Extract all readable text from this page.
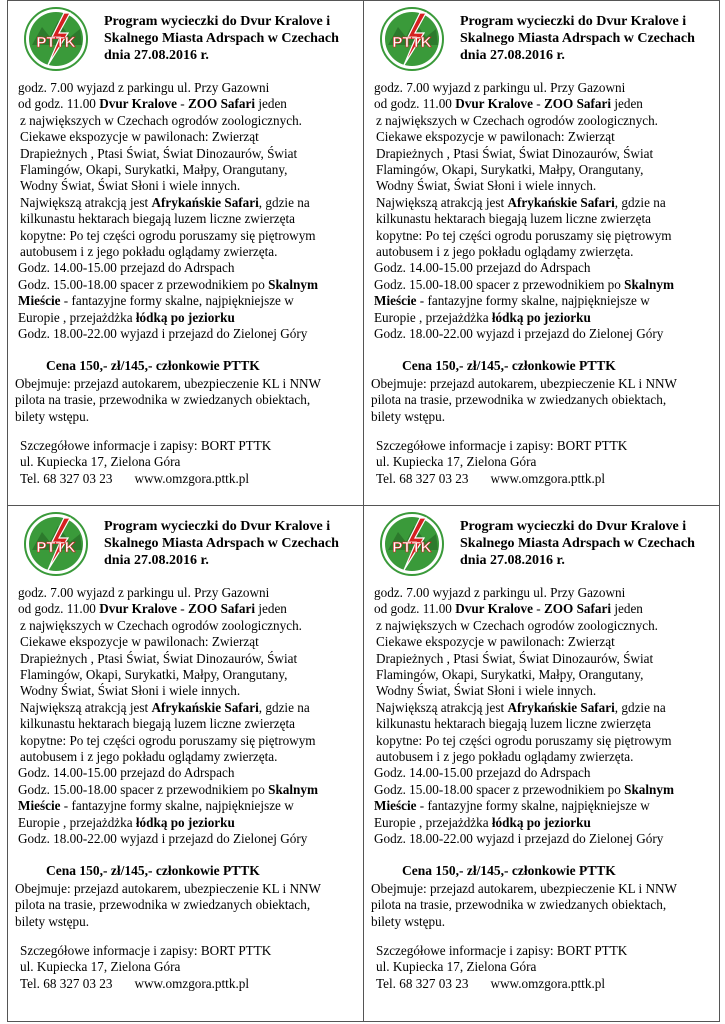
PTTK
Program wycieczki do Dvur Kralove i
Skalnego Miasta Adrspach w Czechach
dnia 27.08.2016 r.
godz. 7.00 wyjazd z parkingu ul. Przy Gazowni
od godz. 11.00 Dvur Kralove - ZOO Safari jeden
z największych w Czechach ogrodów zoologicznych.
Ciekawe ekspozycje w pawilonach: Zwierząt
Drapieżnych , Ptasi Świat, Świat Dinozaurów, Świat
Flamingów, Okapi, Surykatki, Małpy, Orangutany,
Wodny Świat, Świat Słoni i wiele innych.
Największą atrakcją jest Afrykańskie Safari, gdzie na
kilkunastu hektarach biegają luzem liczne zwierzęta
kopytne: Po tej części ogrodu poruszamy się piętrowym
autobusem i z jego pokładu oglądamy zwierzęta.
Godz. 14.00-15.00 przejazd do Adrspach
Godz. 15.00-18.00 spacer z przewodnikiem po Skalnym
Mieście - fantazyjne formy skalne, najpiękniejsze w
Europie , przejażdżka łódką po jeziorku
Godz. 18.00-22.00 wyjazd i przejazd do Zielonej Góry
Cena 150,- zł/145,- członkowie PTTK
Obejmuje: przejazd autokarem, ubezpieczenie KL i NNW
pilota na trasie, przewodnika w zwiedzanych obiektach,
bilety wstępu.
Szczegółowe informacje i zapisy: BORT PTTK
ul. Kupiecka 17, Zielona Góra
Tel. 68 327 03 23 www.omzgora.pttk.pl
PTTK
Program wycieczki do Dvur Kralove i
Skalnego Miasta Adrspach w Czechach
dnia 27.08.2016 r.
godz. 7.00 wyjazd z parkingu ul. Przy Gazowni
od godz. 11.00 Dvur Kralove - ZOO Safari jeden
z największych w Czechach ogrodów zoologicznych.
Ciekawe ekspozycje w pawilonach: Zwierząt
Drapieżnych , Ptasi Świat, Świat Dinozaurów, Świat
Flamingów, Okapi, Surykatki, Małpy, Orangutany,
Wodny Świat, Świat Słoni i wiele innych.
Największą atrakcją jest Afrykańskie Safari, gdzie na
kilkunastu hektarach biegają luzem liczne zwierzęta
kopytne: Po tej części ogrodu poruszamy się piętrowym
autobusem i z jego pokładu oglądamy zwierzęta.
Godz. 14.00-15.00 przejazd do Adrspach
Godz. 15.00-18.00 spacer z przewodnikiem po Skalnym
Mieście - fantazyjne formy skalne, najpiękniejsze w
Europie , przejażdżka łódką po jeziorku
Godz. 18.00-22.00 wyjazd i przejazd do Zielonej Góry
Cena 150,- zł/145,- członkowie PTTK
Obejmuje: przejazd autokarem, ubezpieczenie KL i NNW
pilota na trasie, przewodnika w zwiedzanych obiektach,
bilety wstępu.
Szczegółowe informacje i zapisy: BORT PTTK
ul. Kupiecka 17, Zielona Góra
Tel. 68 327 03 23 www.omzgora.pttk.pl
PTTK
Program wycieczki do Dvur Kralove i
Skalnego Miasta Adrspach w Czechach
dnia 27.08.2016 r.
godz. 7.00 wyjazd z parkingu ul. Przy Gazowni
od godz. 11.00 Dvur Kralove - ZOO Safari jeden
z największych w Czechach ogrodów zoologicznych.
Ciekawe ekspozycje w pawilonach: Zwierząt
Drapieżnych , Ptasi Świat, Świat Dinozaurów, Świat
Flamingów, Okapi, Surykatki, Małpy, Orangutany,
Wodny Świat, Świat Słoni i wiele innych.
Największą atrakcją jest Afrykańskie Safari, gdzie na
kilkunastu hektarach biegają luzem liczne zwierzęta
kopytne: Po tej części ogrodu poruszamy się piętrowym
autobusem i z jego pokładu oglądamy zwierzęta.
Godz. 14.00-15.00 przejazd do Adrspach
Godz. 15.00-18.00 spacer z przewodnikiem po Skalnym
Mieście - fantazyjne formy skalne, najpiękniejsze w
Europie , przejażdżka łódką po jeziorku
Godz. 18.00-22.00 wyjazd i przejazd do Zielonej Góry
Cena 150,- zł/145,- członkowie PTTK
Obejmuje: przejazd autokarem, ubezpieczenie KL i NNW
pilota na trasie, przewodnika w zwiedzanych obiektach,
bilety wstępu.
Szczegółowe informacje i zapisy: BORT PTTK
ul. Kupiecka 17, Zielona Góra
Tel. 68 327 03 23 www.omzgora.pttk.pl
PTTK
Program wycieczki do Dvur Kralove i
Skalnego Miasta Adrspach w Czechach
dnia 27.08.2016 r.
godz. 7.00 wyjazd z parkingu ul. Przy Gazowni
od godz. 11.00 Dvur Kralove - ZOO Safari jeden
z największych w Czechach ogrodów zoologicznych.
Ciekawe ekspozycje w pawilonach: Zwierząt
Drapieżnych , Ptasi Świat, Świat Dinozaurów, Świat
Flamingów, Okapi, Surykatki, Małpy, Orangutany,
Wodny Świat, Świat Słoni i wiele innych.
Największą atrakcją jest Afrykańskie Safari, gdzie na
kilkunastu hektarach biegają luzem liczne zwierzęta
kopytne: Po tej części ogrodu poruszamy się piętrowym
autobusem i z jego pokładu oglądamy zwierzęta.
Godz. 14.00-15.00 przejazd do Adrspach
Godz. 15.00-18.00 spacer z przewodnikiem po Skalnym
Mieście - fantazyjne formy skalne, najpiękniejsze w
Europie , przejażdżka łódką po jeziorku
Godz. 18.00-22.00 wyjazd i przejazd do Zielonej Góry
Cena 150,- zł/145,- członkowie PTTK
Obejmuje: przejazd autokarem, ubezpieczenie KL i NNW
pilota na trasie, przewodnika w zwiedzanych obiektach,
bilety wstępu.
Szczegółowe informacje i zapisy: BORT PTTK
ul. Kupiecka 17, Zielona Góra
Tel. 68 327 03 23 www.omzgora.pttk.pl
